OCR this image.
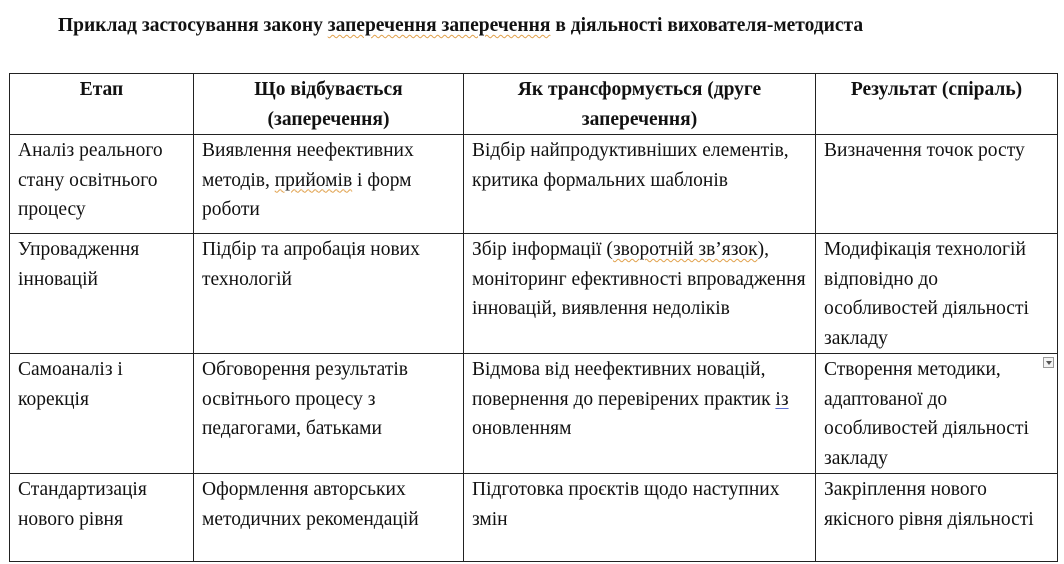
Приклад застосування закону заперечення заперечення в діяльності вихователя-методиста
Етап	Що відбувається (заперечення)	Як трансформується (друге заперечення)	Результат (спіраль)
Аналіз реального стану освітнього процесу	Виявлення неефективних методів, прийомів і форм роботи	Відбір найпродуктивніших елементів, критика формальних шаблонів	Визначення точок росту
Упровадження інновацій	Підбір та апробація нових технологій	Збір інформації (зворотній зв’язок), моніторинг ефективності впровадження інновацій, виявлення недоліків	Модифікація технологій відповідно до особливостей діяльності закладу
Самоаналіз і корекція	Обговорення результатів освітнього процесу з педагогами, батьками	Відмова від неефективних новацій, повернення до перевірених практик із оновленням	Створення методики, адаптованої до особливостей діяльності закладу

Стандартизація нового рівня	Оформлення авторських методичних рекомендацій	Підготовка проєктів щодо наступних змін	Закріплення нового якісного рівня діяльності
